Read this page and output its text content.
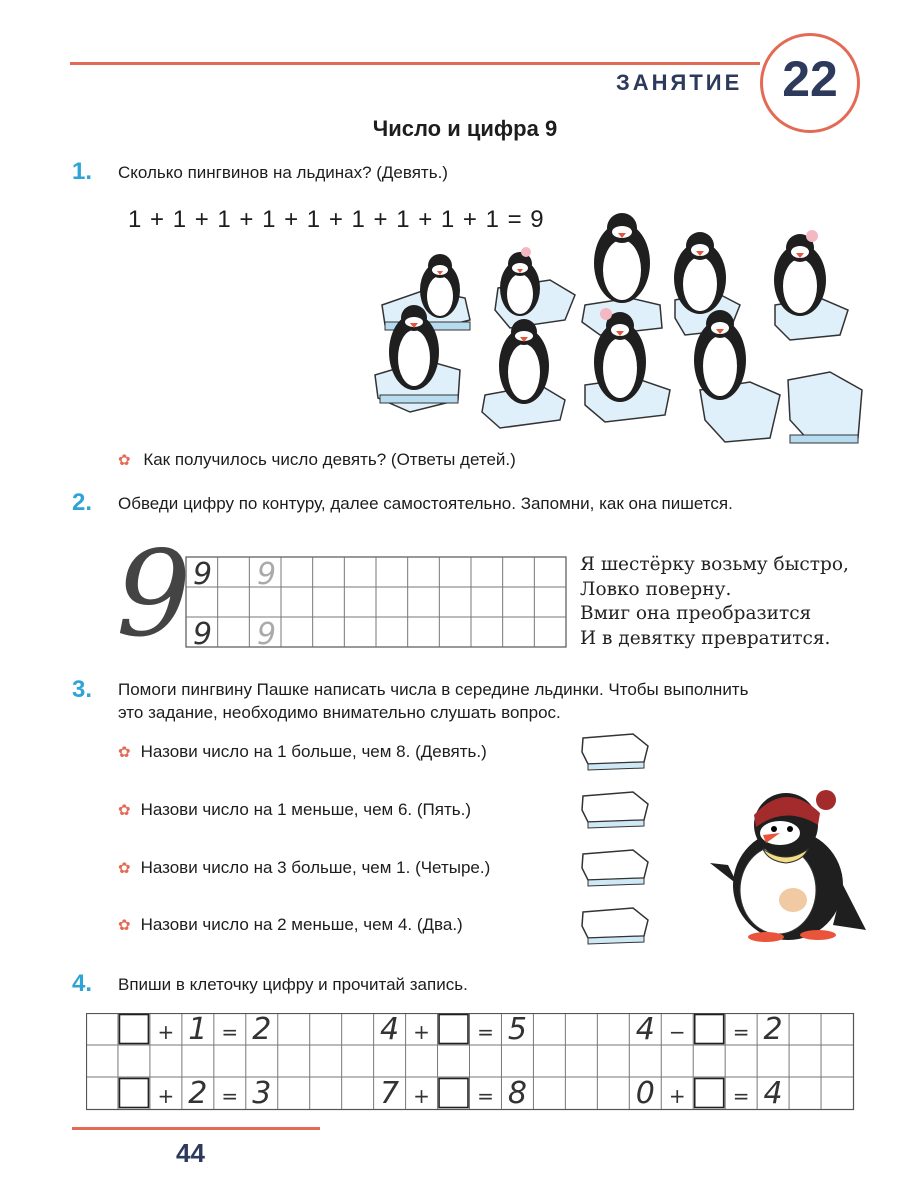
ЗАНЯТИЕ 22
Число и цифра 9
1. Сколько пингвинов на льдинах? (Девять.)
1 + 1 + 1 + 1 + 1 + 1 + 1 + 1 + 1 = 9
✿ Как получилось число девять? (Ответы детей.)
2. Обведи цифру по контуру, далее самостоятельно. Запомни, как она пишется.
9 9 9
9 9
Я шестёрку возьму быстро,
Ловко поверну.
Вмиг она преобразится
И в девятку превратится.
3. Помоги пингвину Пашке написать числа в середине льдинки. Чтобы выполнить
это задание, необходимо внимательно слушать вопрос.
✿ Назови число на 1 больше, чем 8. (Девять.)
✿ Назови число на 1 меньше, чем 6. (Пять.)
✿ Назови число на 3 больше, чем 1. (Четыре.)
✿ Назови число на 2 меньше, чем 4. (Два.)
4. Впиши в клеточку цифру и прочитай запись.
+ 1 = 2	4 + = 5	4 − = 2
+ 2 = 3	7 + = 8	0 + = 4
44
